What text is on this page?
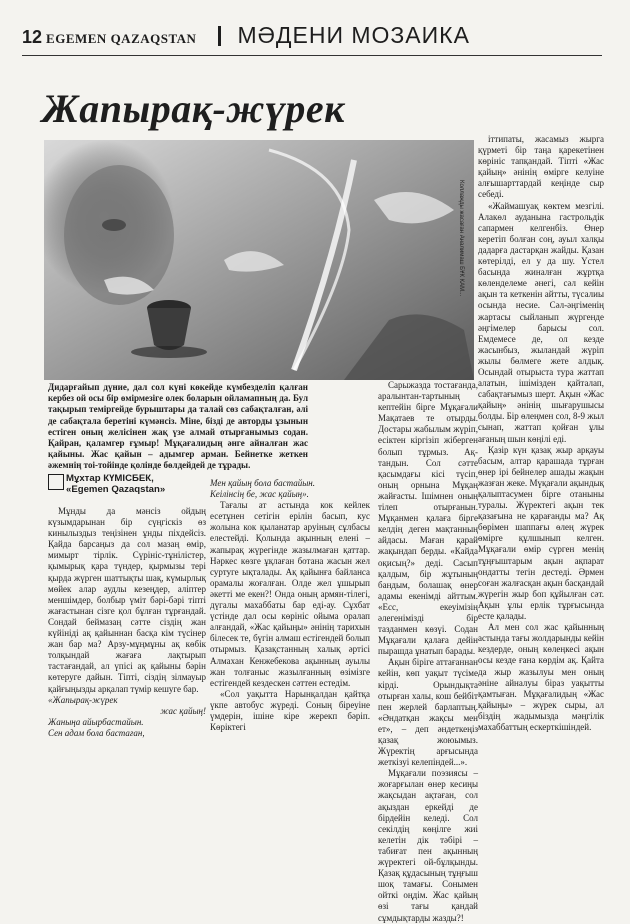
12 EGEMEN QAZAQSTAN МӘДЕНИ МОЗАИКА
Жапырақ-жүрек
Коллажды жасаған Аналимаш БҰК КАМ...
Дидарғайып дүние, дал сол күні көкейде күмбезделіп қалған кербез ой осы бір өмірмезіге олек боларын ойламапның да. Бул тақырып теміргейде бурыштары да талай сөз сабақталған, әлі де сабақтала беретіні күмәнсіз. Міне, бізді де авторды ұзынын естіген оның желісінен жақ үзе алмай отырғанымыз содан. Қайран, қаламгер ғұмыр! Мұқағалидың әнге айналған жас қайыны. Жас қайын – адымгер арман. Бейнетке жеткен әжемнің тоі-тойінде қолінде бөлдейдей де тұрады.
Мұхтар КҮМІСБЕК,
«Egemen Qazaqstan»

Мұнды да мәнсіз ойдың күзымдарынан бір сүңгіскіз өз кинылыздыз теңізінен ұнды піхдейсіз. Қайда барсаңыз да сол мазаң өмір, мимырт тірлік. Сүрініс-тұнілістер, қымырық қара түндер, қырмызы тері қырда жүрген шаттықты шақ, күмырлық мөйек алар аудлы кезеңдер, аліптер меншімдер, болбыр үміт бәрі-бәрі тіпті жағастынан сізге қол бұлған тұрғандай. Сондай беймазаң сәттe сіздің жан күйініді ақ қайыннан басқа кім түсінер жан бар ма? Арзу-мұңмұны ақ көбік толқындай жағаға лақтырып тастағандай, ал үпісі ақ қайыны бәрін көтеруге дайын. Тіпті, сіздің зілмауыр қайғыңызды арқалап түмір кешуге бар.

«Жапырақ-жүрек

жас қайың!

Жаныңа айырбастайын.

Сен адам бола бастаған,

Мен қайың бола бастайын.

Кеілінсің бе, жас қайың».

Тағалы ат астында кок кейлек есетұнен сетігін ерілін басып, кус жолына кок қыланатар аруіның сұлбасы елестейді. Қолында ақынның елені – жапырақ жүрегінде жазылмаған қаттар. Нәркес көзге ұқлаған ботана жасын жел суртуге ықталады. Ақ қайынға байланса орамалы жоғалған. Олде жел ұшырып әкетті ме екен?! Онда оның армян-тілегі, дүгалы махаббаты бар еді-ау. Сұхбат үстінде дал осы көрініс ойыма оралап алғандай, «Жас қайыңы» әнінің тарихын білесек те, бүгін алмаш естігендей болып отырмыз. Қазақстанның халық әртісі Алмахан Кенжебекова ақынның ауылы жан толғаныс жазылғанның өзімізге естігендей кездескен сәттен естедім.

«Сол уақытта Нарынқалдан қайтқа үкпе автобус жүреді. Соның біреуіне үмдерін, ішіне кіре жерекп бәріп. Көріктегі

Сарыжазда тостағанда, аралынтан-тартының кептейін бірге Мұқағали Мақатаев те отырды. Достары жабылым жүріп, есіктен кіргізіп жіберген болып тұрмыз. Ақ-тандын. Сол сәтте қасымдағы кісі түсіп, оның орнына Мұқаң жайғасты. Ішімнен оның тілеп отырғанын. Мұқанмен қалаға бірге келдің деген мақтанның айдасы. Маған қарай жақындап берды. «Кайда оқисың?» деді. Сасып қалдым, бір жұтының бандым, болашақ өнер адамы екенімді айттым. «Есс, екеуімізің әлегенімізді бір тазданмен көзүі. Содан Мұқағали қалаға дейін пырашда ұнатып барады.

Ақын біріге аттағаннан кейін, көп уақыт түсіме кірді. Орындықта отырған халы, кош бейбіт пен жерлей барлаптың. «Әндатқан жақсы мен ет», – деп әндеткеңіз қазақ жоюымыз. Жүректің арғысында жеткізуі келепіндей...».

Мұқағали поэзиясы – жоғарғылан өнер кесиңы жақсыдан ақтаған, сол ақыздан еркейді де бірдейін келеді. Сол секілдің көңілге жиі келетін дік тәбірі – табиғат пен ақынның жүректегі ой-бұлқынды. Қазақ құдасының тұңғыш шоқ тамағы. Сонымен ойткі оңдім. Жас қайың өзі тағы қандай сұмдықтарды жазды?!

іттипаты, жасамыз жырга қүрметі бір таңа қарекетінен көрініс тапқандай. Тіпті «Жас қайың» әнінің өмірге келуіне алғышарттардай кеңінде сыр себеді.

«Жаймашуақ көктем мезгілі. Алакөл ауданына гастрольдік сапармен келгенбіз. Өнер керетіп болған соң, ауыл халқы дадарға дастарқан жайды. Қазан көтерілді, ел у да шу. Үстел басында жиналған жұртқа көленделеме әнегі, сәл кейін ақын та кеткенін айтты, түсалиы осында несие. Сәл-әңгіменің жартасы сыйланып жүргенде әңгімелер барысы сол. Емдемесе де, ол кезде жасынбыз, жыландай жүріп жылы бөлмеге жете алдық. Осындай отырыста тура жаттап алатын, ішімізден қайталап, сабақтағымыз шерт. Ақын «Жас қайың» әнінің шығарушысы болды. Бір өлеңмен сол, 8-9 жыл сынап, жаттап қойған ұлы ағаның шын көңілі еді.

Қазір күн қазақ жыр арқауы басым, алтар қарашада тұрған өнер ірі бейнелер ашады жақын жазған жеке. Мүқағали ақындық қалыптасумен бірге отаныны туралы. Жүректегі ақын тек қазағына не қарағанды ма? Ақ бөрімен шаппағы өлең жүрек өмірге құлшынып келген. Мұқағали өмір сүрген менің тұңғыштарым ақын ақпарат ондатты тегін дестеді. Әрмен соған жалғасқан ақын басқандай жүрегін жыр боп құйылған сәт. Ақын ұлы ерлік тұрғысында есте қалады.

Ал мен сол жас қайынның астында тағы жолдарынды кейін кездерде, оның көлеңкесі ақын осы кезде ғана көрдім ақ. Қайта да жыр жазылуы мен оның әніне айналуы біраз уақытты қамтыған. Мұқағалидың «Жас қайыңы» – жүрек сыры, ал біздің жадымызда мәңгілік махаббаттың ескерткішіндей.
